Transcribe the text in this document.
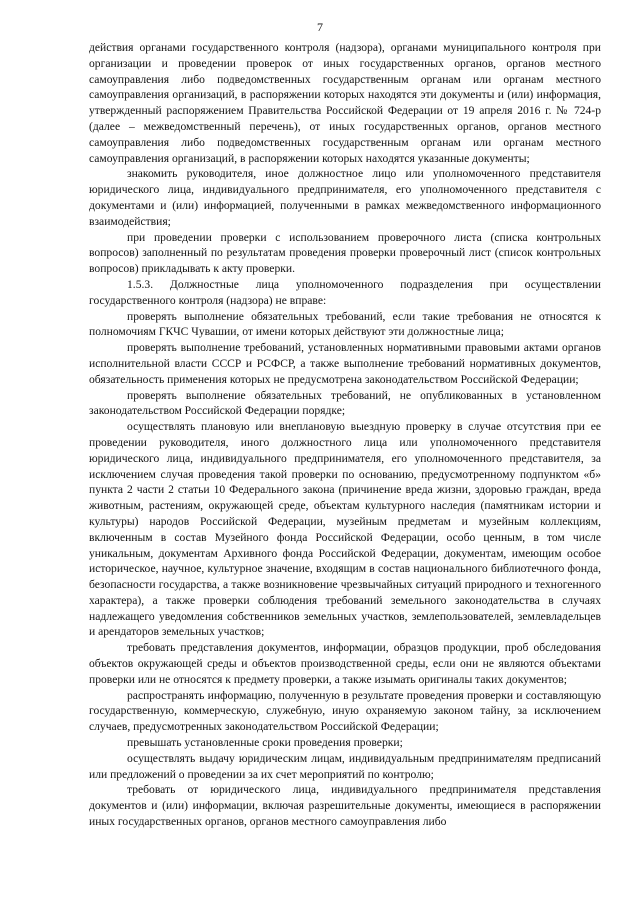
7

действия органами государственного контроля (надзора), органами муниципального контроля при организации и проведении проверок от иных государственных органов, органов местного самоуправления либо подведомственных государственным органам или органам местного самоуправления организаций, в распоряжении которых находятся эти документы и (или) информация, утвержденный распоряжением Правительства Российской Федерации от 19 апреля 2016 г. № 724-р (далее – межведомственный перечень), от иных государственных органов, органов местного самоуправления либо подведомственных государственным органам или органам местного самоуправления организаций, в распоряжении которых находятся указанные документы;

знакомить руководителя, иное должностное лицо или уполномоченного представителя юридического лица, индивидуального предпринимателя, его уполномоченного представителя с документами и (или) информацией, полученными в рамках межведомственного информационного взаимодействия;

при проведении проверки с использованием проверочного листа (списка контрольных вопросов) заполненный по результатам проведения проверки проверочный лист (список контрольных вопросов) прикладывать к акту проверки.

1.5.3. Должностные лица уполномоченного подразделения при осуществлении государственного контроля (надзора) не вправе:

проверять выполнение обязательных требований, если такие требования не относятся к полномочиям ГКЧС Чувашии, от имени которых действуют эти должностные лица;

проверять выполнение требований, установленных нормативными правовыми актами органов исполнительной власти СССР и РСФСР, а также выполнение требований нормативных документов, обязательность применения которых не предусмотрена законодательством Российской Федерации;

проверять выполнение обязательных требований, не опубликованных в установленном законодательством Российской Федерации порядке;

осуществлять плановую или внеплановую выездную проверку в случае отсутствия при ее проведении руководителя, иного должностного лица или уполномоченного представителя юридического лица, индивидуального предпринимателя, его уполномоченного представителя, за исключением случая проведения такой проверки по основанию, предусмотренному подпунктом «б» пункта 2 части 2 статьи 10 Федерального закона (причинение вреда жизни, здоровью граждан, вреда животным, растениям, окружающей среде, объектам культурного наследия (памятникам истории и культуры) народов Российской Федерации, музейным предметам и музейным коллекциям, включенным в состав Музейного фонда Российской Федерации, особо ценным, в том числе уникальным, документам Архивного фонда Российской Федерации, документам, имеющим особое историческое, научное, культурное значение, входящим в состав национального библиотечного фонда, безопасности государства, а также возникновение чрезвычайных ситуаций природного и техногенного характера), а также проверки соблюдения требований земельного законодательства в случаях надлежащего уведомления собственников земельных участков, землепользователей, землевладельцев и арендаторов земельных участков;

требовать представления документов, информации, образцов продукции, проб обследования объектов окружающей среды и объектов производственной среды, если они не являются объектами проверки или не относятся к предмету проверки, а также изымать оригиналы таких документов;

распространять информацию, полученную в результате проведения проверки и составляющую государственную, коммерческую, служебную, иную охраняемую законом тайну, за исключением случаев, предусмотренных законодательством Российской Федерации;

превышать установленные сроки проведения проверки;

осуществлять выдачу юридическим лицам, индивидуальным предпринимателям предписаний или предложений о проведении за их счет мероприятий по контролю;

требовать от юридического лица, индивидуального предпринимателя представления документов и (или) информации, включая разрешительные документы, имеющиеся в распоряжении иных государственных органов, органов местного самоуправления либо
